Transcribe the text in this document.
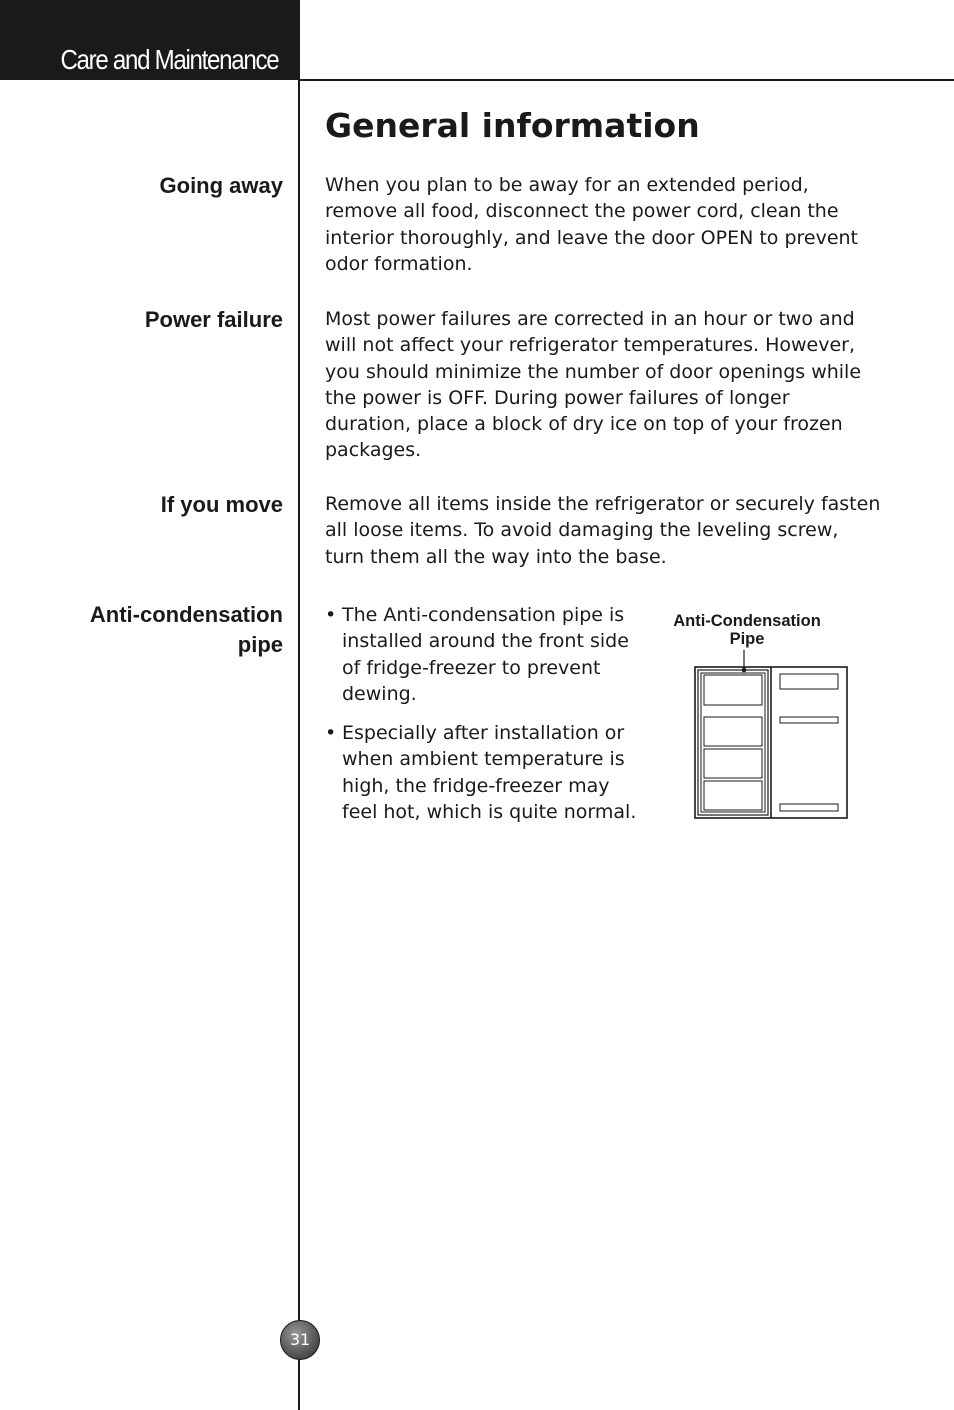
Care and Maintenance
General information
Going away When you plan to be away for an extended period,
remove all food, disconnect the power cord, clean the
interior thoroughly, and leave the door OPEN to prevent
odor formation.
Power failure Most power failures are corrected in an hour or two and
will not affect your refrigerator temperatures. However,
you should minimize the number of door openings while
the power is OFF. During power failures of longer
duration, place a block of dry ice on top of your frozen
packages.
If you move Remove all items inside the refrigerator or securely fasten
all loose items. To avoid damaging the leveling screw,
turn them all the way into the base.
Anti-condensation
pipe
• The Anti-condensation pipe is
installed around the front side
of fridge-freezer to prevent
dewing.
• Especially after installation or
when ambient temperature is
high, the fridge-freezer may
feel hot, which is quite normal.
Anti-Condensation
Pipe
31
